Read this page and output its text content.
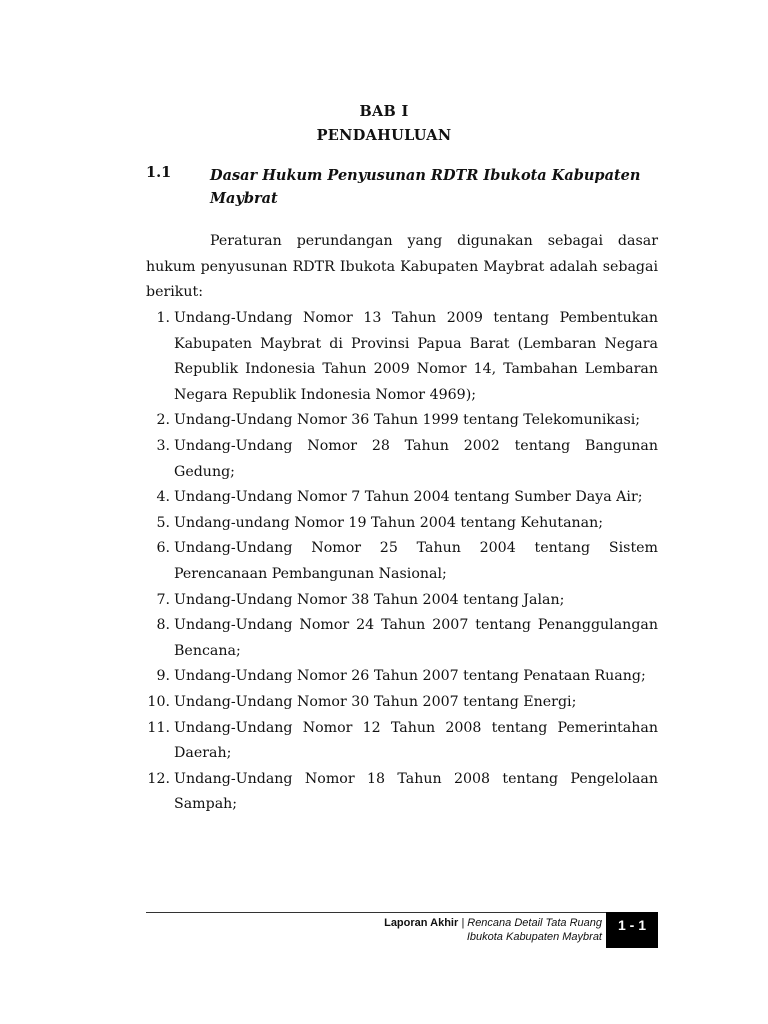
BAB I
PENDAHULUAN
1.1	Dasar Hukum Penyusunan RDTR Ibukota Kabupaten Maybrat
Peraturan perundangan yang digunakan sebagai dasar hukum penyusunan RDTR Ibukota Kabupaten Maybrat adalah sebagai berikut:
1. Undang-Undang Nomor 13 Tahun 2009 tentang Pembentukan Kabupaten Maybrat di Provinsi Papua Barat (Lembaran Negara Republik Indonesia Tahun 2009 Nomor 14, Tambahan Lembaran Negara Republik Indonesia Nomor 4969);
2. Undang-Undang Nomor 36 Tahun 1999 tentang Telekomunikasi;
3. Undang-Undang Nomor 28 Tahun 2002 tentang Bangunan Gedung;
4. Undang-Undang Nomor 7 Tahun 2004 tentang Sumber Daya Air;
5. Undang-undang Nomor 19 Tahun 2004 tentang Kehutanan;
6. Undang-Undang Nomor 25 Tahun 2004 tentang Sistem Perencanaan Pembangunan Nasional;
7. Undang-Undang Nomor 38 Tahun 2004 tentang Jalan;
8. Undang-Undang Nomor 24 Tahun 2007 tentang Penanggulangan Bencana;
9. Undang-Undang Nomor 26 Tahun 2007 tentang Penataan Ruang;
10. Undang-Undang Nomor 30 Tahun 2007 tentang Energi;
11. Undang-Undang Nomor 12 Tahun 2008 tentang Pemerintahan Daerah;
12. Undang-Undang Nomor 18 Tahun 2008 tentang Pengelolaan Sampah;
Laporan Akhir | Rencana Detail Tata Ruang
Ibukota Kabupaten Maybrat
1 - 1
